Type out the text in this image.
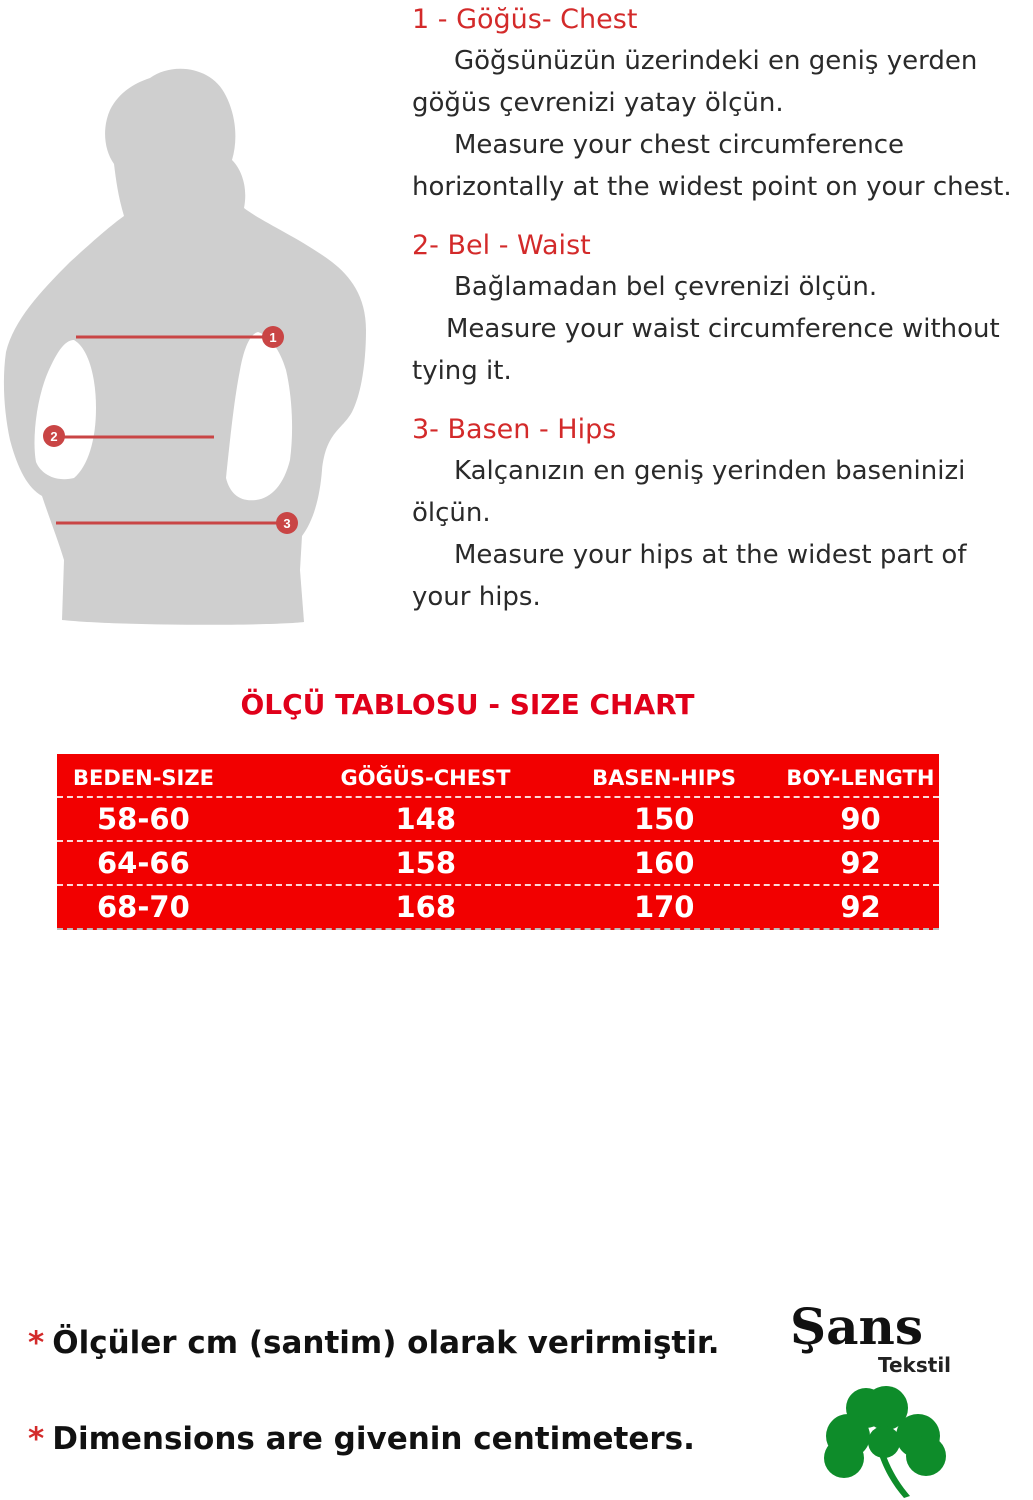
1
2
3
1 - Göğüs- Chest
Göğsünüzün üzerindeki en geniş yerden
göğüs çevrenizi yatay ölçün.
Measure your chest circumference
horizontally at the widest point on your chest.
2- Bel - Waist
Bağlamadan bel çevrenizi ölçün.
Measure your waist circumference without
tying it.
3- Basen - Hips
Kalçanızın en geniş yerinden baseninizi
ölçün.
Measure your hips at the widest part of
your hips.
ÖLÇÜ TABLOSU - SIZE CHART
BEDEN-SIZE	GÖĞÜS-CHEST	BASEN-HIPS	BOY-LENGTH
58-60	148	150	90
64-66	158	160	92
68-70	168	170	92
* Ölçüler cm (santim) olarak verirmiştir.
* Dimensions are givenin centimeters.
Şans
Tekstil
